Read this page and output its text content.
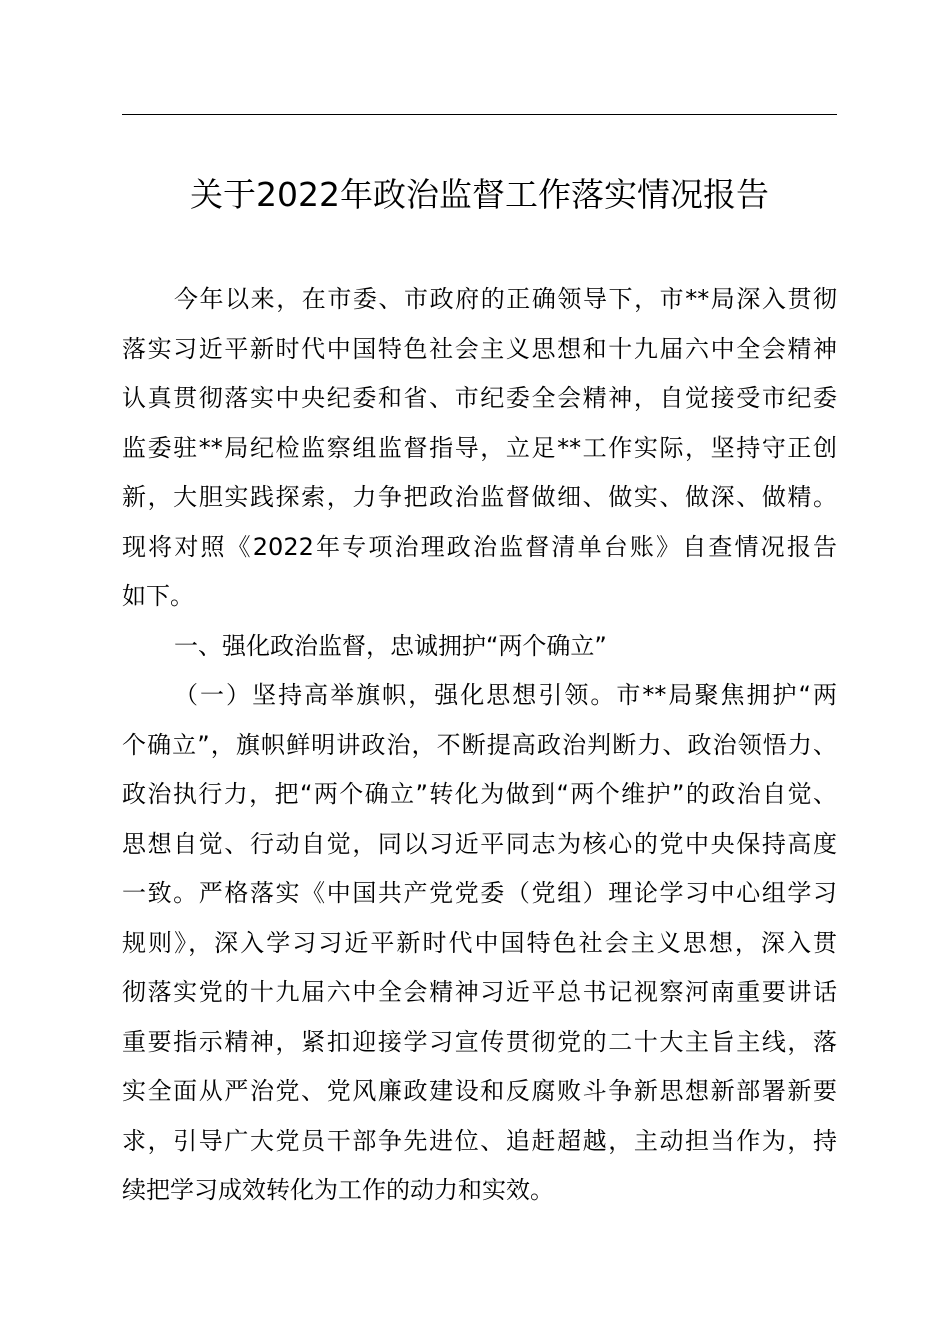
关于2022年政治监督工作落实情况报告
今年以来，在市委、市政府的正确领导下，市**局深入贯彻
落实习近平新时代中国特色社会主义思想和十九届六中全会精神
认真贯彻落实中央纪委和省、市纪委全会精神，自觉接受市纪委
监委驻**局纪检监察组监督指导，立足**工作实际，坚持守正创
新，大胆实践探索，力争把政治监督做细、做实、做深、做精。
现将对照《2022年专项治理政治监督清单台账》自查情况报告
如下。
一、强化政治监督，忠诚拥护“两个确立”
（一）坚持高举旗帜，强化思想引领。市**局聚焦拥护“两
个确立”，旗帜鲜明讲政治，不断提高政治判断力、政治领悟力、
政治执行力，把“两个确立”转化为做到“两个维护”的政治自觉、
思想自觉、行动自觉，同以习近平同志为核心的党中央保持高度
一致。严格落实《中国共产党党委（党组）理论学习中心组学习
规则》，深入学习习近平新时代中国特色社会主义思想，深入贯
彻落实党的十九届六中全会精神习近平总书记视察河南重要讲话
重要指示精神，紧扣迎接学习宣传贯彻党的二十大主旨主线，落
实全面从严治党、党风廉政建设和反腐败斗争新思想新部署新要
求，引导广大党员干部争先进位、追赶超越，主动担当作为，持
续把学习成效转化为工作的动力和实效。
